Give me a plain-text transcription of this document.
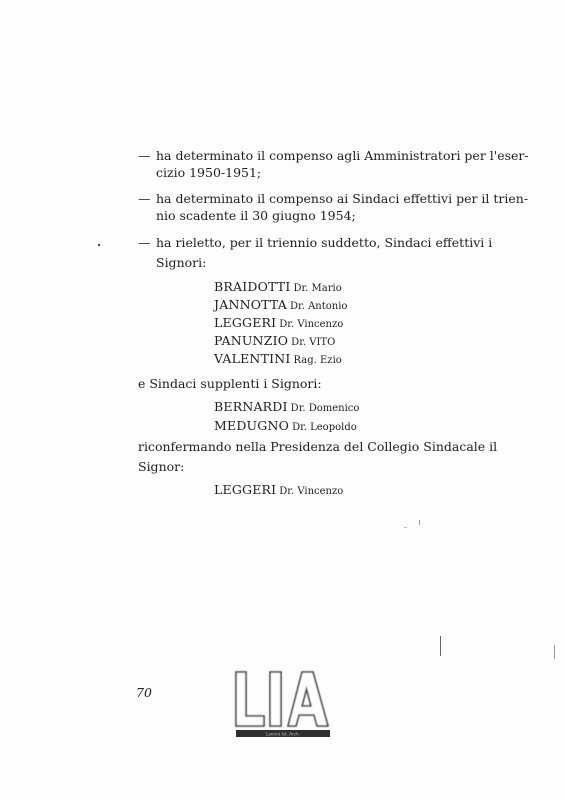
— ha determinato il compenso agli Amministratori per l'eser-
cizio 1950-1951;
— ha determinato il compenso ai Sindaci effettivi per il trien-
nio scadente il 30 giugno 1954;
— ha rieletto, per il triennio suddetto, Sindaci effettivi i
Signori:
BRAIDOTTI Dr. Mario
JANNOTTA Dr. Antonio
LEGGERI Dr. Vincenzo
PANUNZIO Dr. VITO
VALENTINI Rag. Ezio
e Sindaci supplenti i Signori:
BERNARDI Dr. Domenico
MEDUGNO Dr. Leopoldo
riconfermando nella Presidenza del Collegio Sindacale il
Signor:
LEGGERI Dr. Vincenzo
70
Lavoro Ist. Arch.
